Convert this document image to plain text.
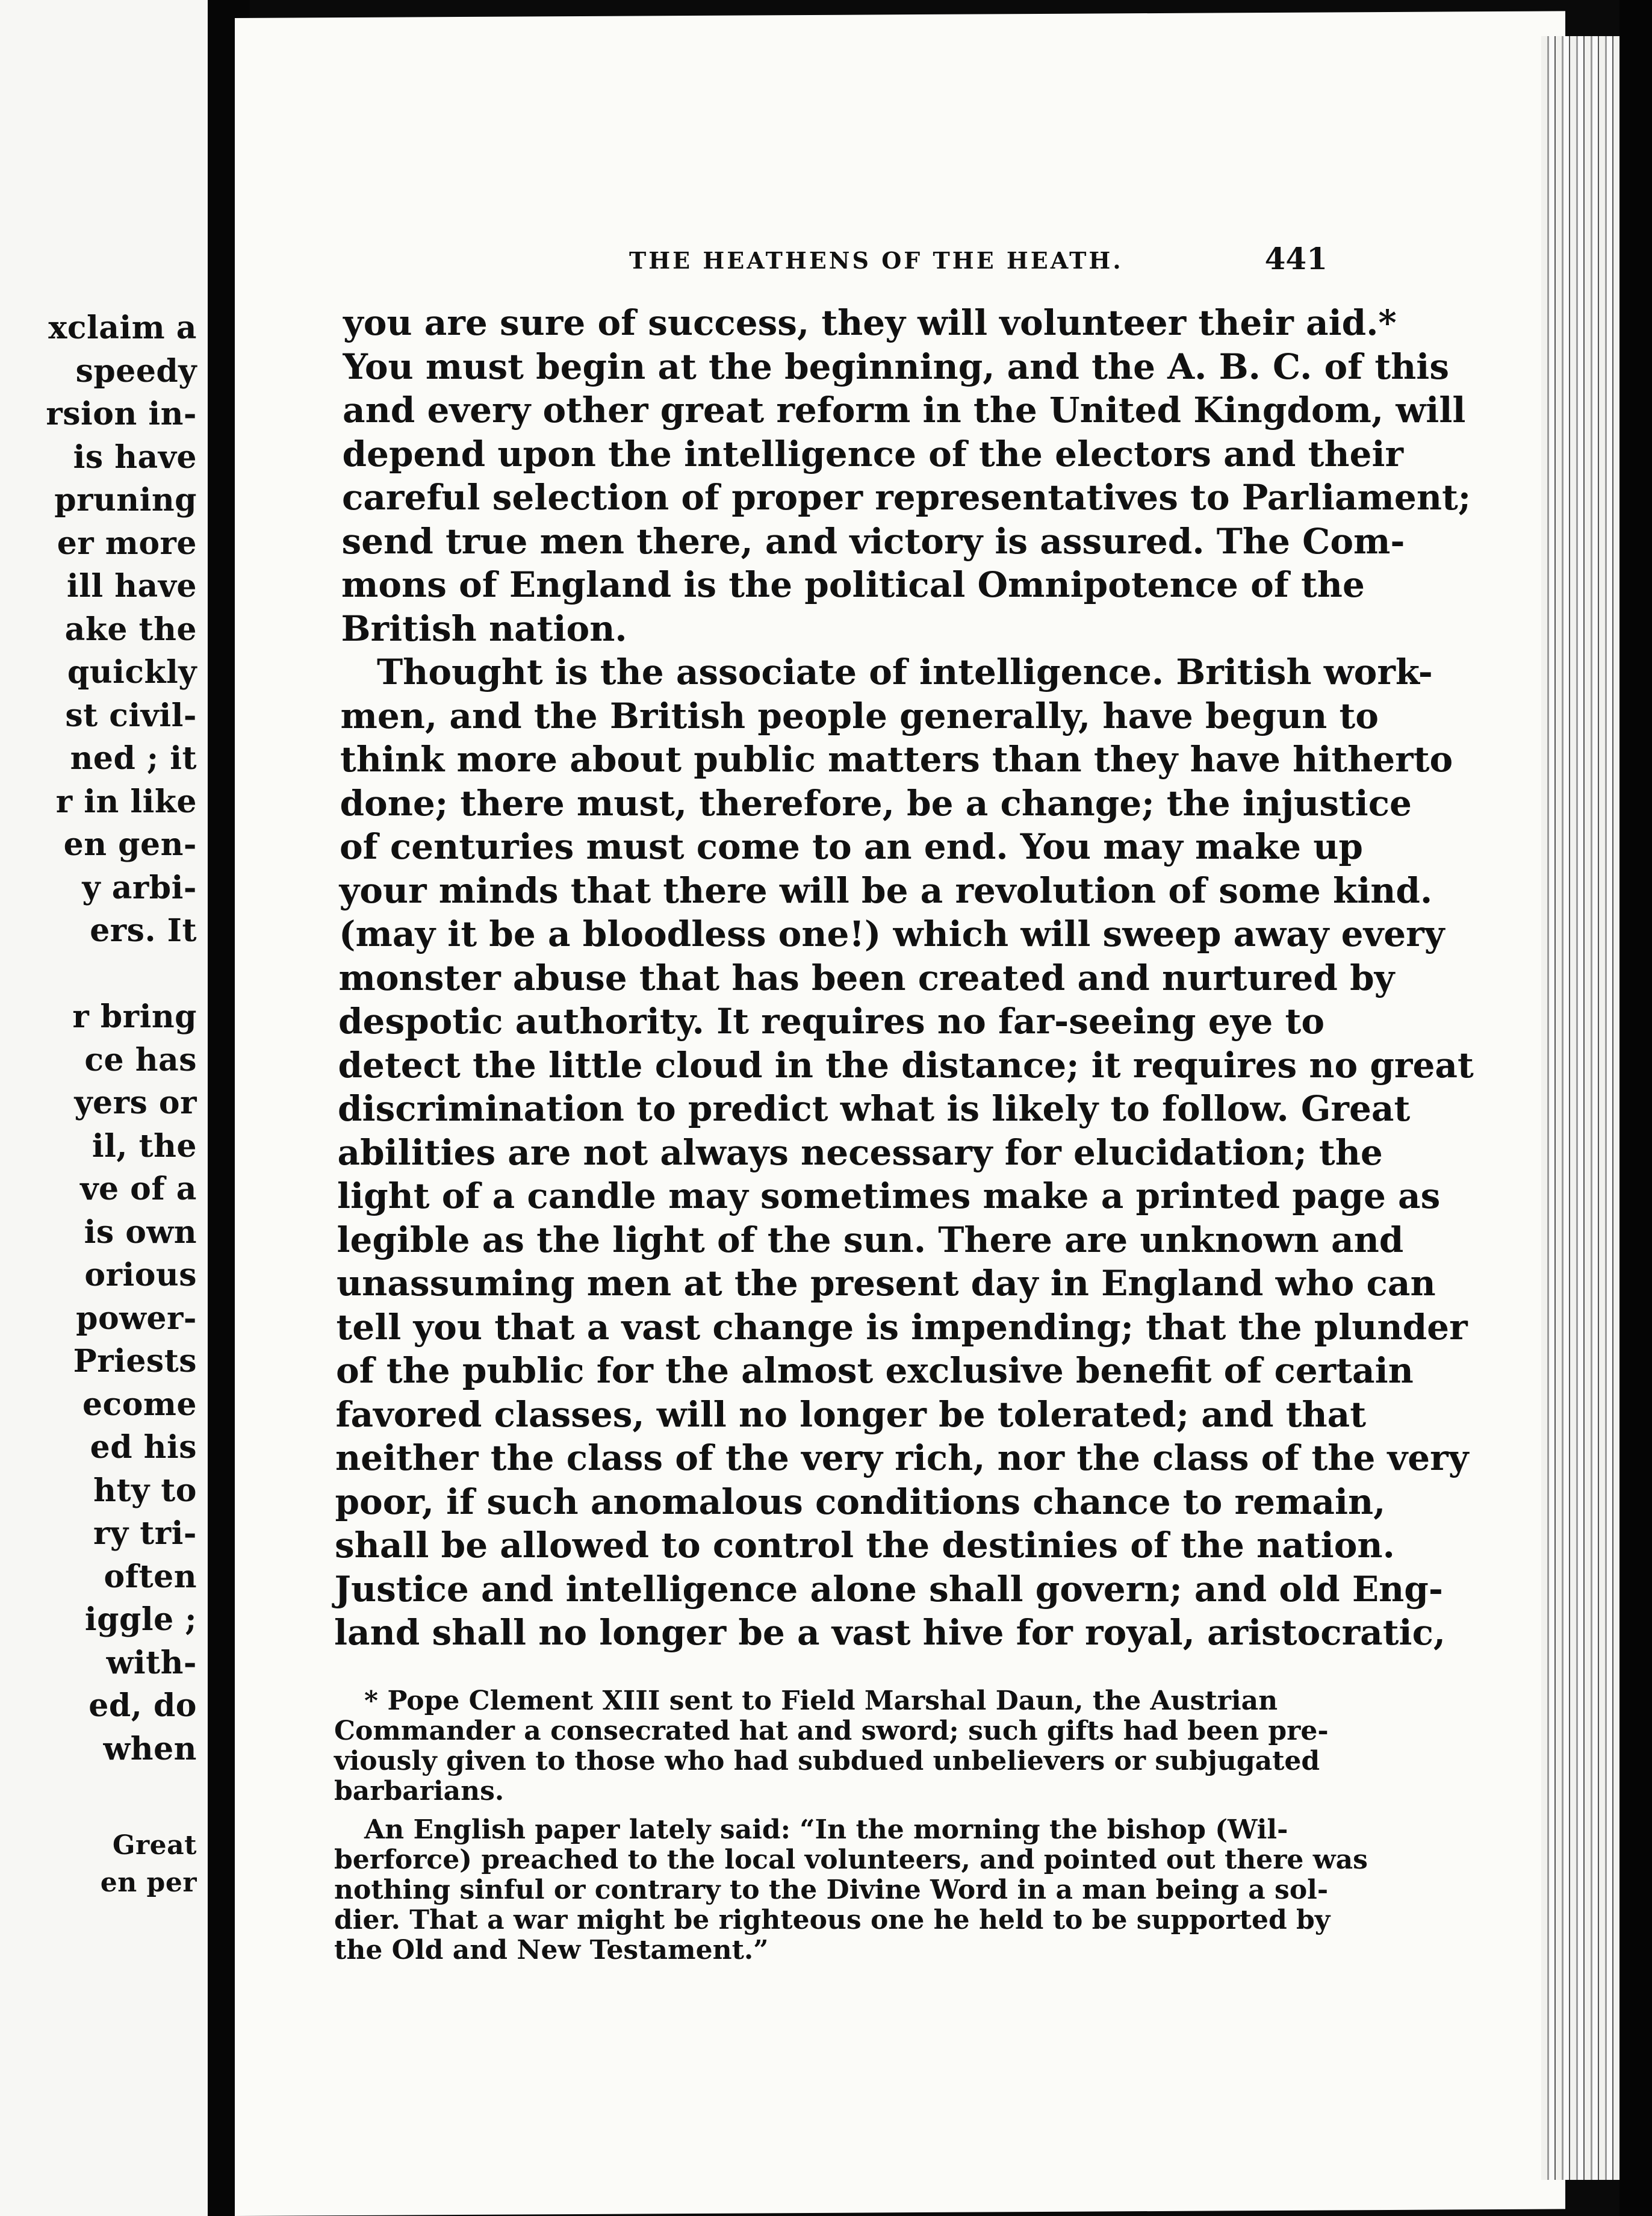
xclaim a
speedy
rsion in-
is have
pruning
er more
ill have
ake the
quickly
st civil-
ned ; it
r in like
en gen-
y arbi-
ers. It
r bring
ce has
yers or
il, the
ve of a
is own
orious
power-
Priests
ecome
ed his
hty to
ry tri-
often
iggle ;
with-
ed, do
when
Great
en per
THE HEATHENS OF THE HEATH.	441
you are sure of success, they will volunteer their aid.*
You must begin at the beginning, and the A. B. C. of this
and every other great reform in the United Kingdom, will
depend upon the intelligence of the electors and their
careful selection of proper representatives to Parliament;
send true men there, and victory is assured. The Com-
mons of England is the political Omnipotence of the
British nation.
Thought is the associate of intelligence. British work-
men, and the British people generally, have begun to
think more about public matters than they have hitherto
done; there must, therefore, be a change; the injustice
of centuries must come to an end. You may make up
your minds that there will be a revolution of some kind.
(may it be a bloodless one!) which will sweep away every
monster abuse that has been created and nurtured by
despotic authority. It requires no far-seeing eye to
detect the little cloud in the distance; it requires no great
discrimination to predict what is likely to follow. Great
abilities are not always necessary for elucidation; the
light of a candle may sometimes make a printed page as
legible as the light of the sun. There are unknown and
unassuming men at the present day in England who can
tell you that a vast change is impending; that the plunder
of the public for the almost exclusive benefit of certain
favored classes, will no longer be tolerated; and that
neither the class of the very rich, nor the class of the very
poor, if such anomalous conditions chance to remain,
shall be allowed to control the destinies of the nation.
Justice and intelligence alone shall govern; and old Eng-
land shall no longer be a vast hive for royal, aristocratic,
* Pope Clement XIII sent to Field Marshal Daun, the Austrian
Commander a consecrated hat and sword; such gifts had been pre-
viously given to those who had subdued unbelievers or subjugated
barbarians.
An English paper lately said: “In the morning the bishop (Wil-
berforce) preached to the local volunteers, and pointed out there was
nothing sinful or contrary to the Divine Word in a man being a sol-
dier. That a war might be righteous one he held to be supported by
the Old and New Testament.”
